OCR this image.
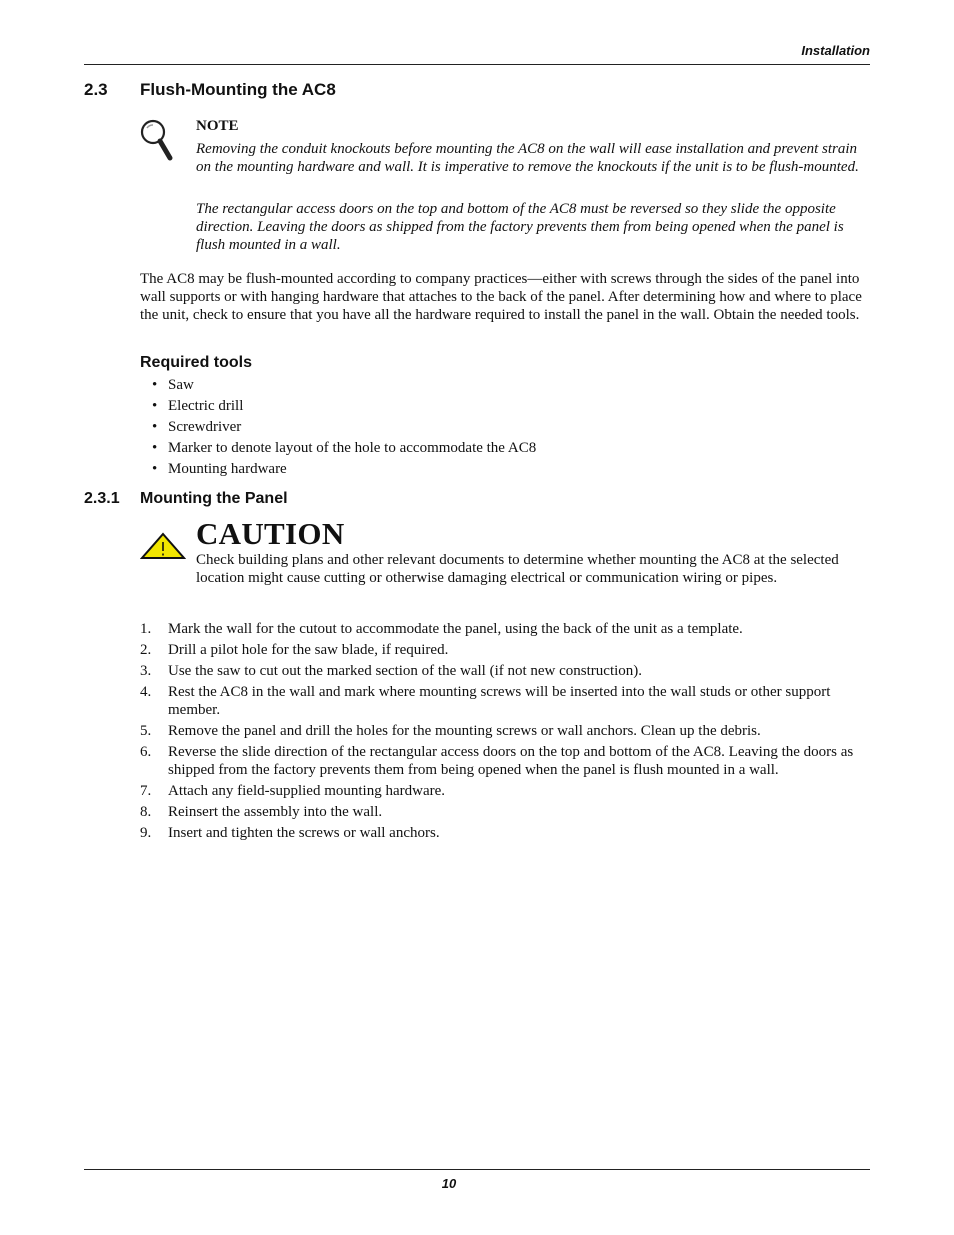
Installation
2.3 Flush-Mounting the AC8
NOTE

Removing the conduit knockouts before mounting the AC8 on the wall will ease installation and prevent strain on the mounting hardware and wall. It is imperative to remove the knockouts if the unit is to be flush-mounted.

The rectangular access doors on the top and bottom of the AC8 must be reversed so they slide the opposite direction. Leaving the doors as shipped from the factory prevents them from being opened when the panel is flush mounted in a wall.

The AC8 may be flush-mounted according to company practices—either with screws through the sides of the panel into wall supports or with hanging hardware that attaches to the back of the panel. After determining how and where to place the unit, check to ensure that you have all the hardware required to install the panel in the wall. Obtain the needed tools.

Required tools
• Saw
• Electric drill
• Screwdriver
• Marker to denote layout of the hole to accommodate the AC8
• Mounting hardware
2.3.1 Mounting the Panel
CAUTION

Check building plans and other relevant documents to determine whether mounting the AC8 at the selected location might cause cutting or otherwise damaging electrical or communication wiring or pipes.

1. Mark the wall for the cutout to accommodate the panel, using the back of the unit as a template.
2. Drill a pilot hole for the saw blade, if required.
3. Use the saw to cut out the marked section of the wall (if not new construction).
4. Rest the AC8 in the wall and mark where mounting screws will be inserted into the wall studs or other support member.
5. Remove the panel and drill the holes for the mounting screws or wall anchors. Clean up the debris.
6. Reverse the slide direction of the rectangular access doors on the top and bottom of the AC8. Leaving the doors as shipped from the factory prevents them from being opened when the panel is flush mounted in a wall.
7. Attach any field-supplied mounting hardware.
8. Reinsert the assembly into the wall.
9. Insert and tighten the screws or wall anchors.
10
